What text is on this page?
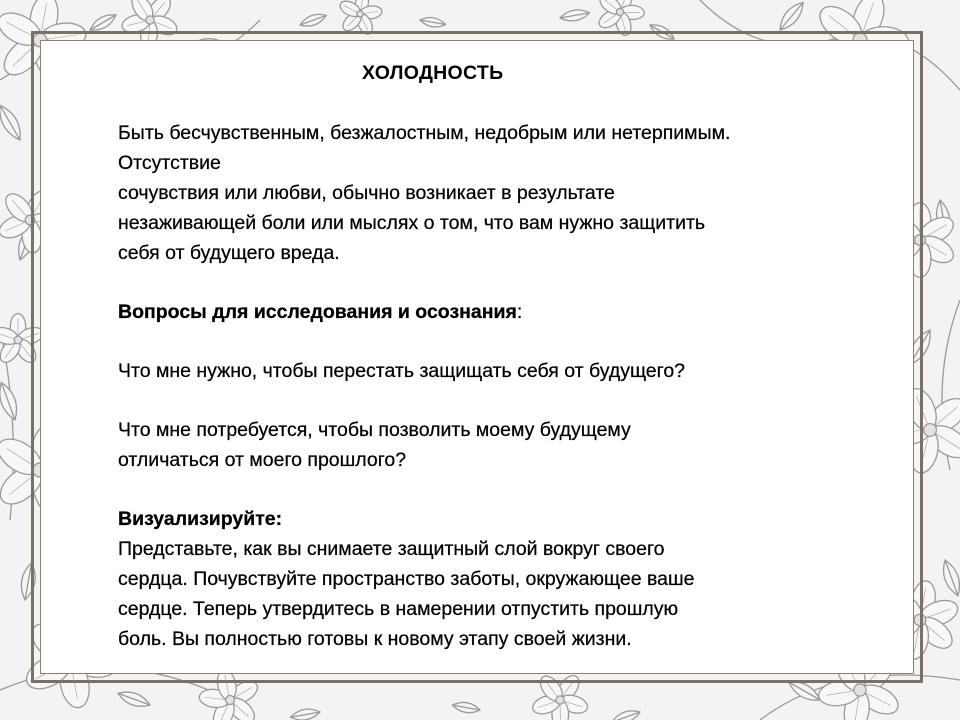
ХОЛОДНОСТЬ

Быть бесчувственным, безжалостным, недобрым или нетерпимым.
Отсутствие
сочувствия или любви, обычно возникает в результате
незаживающей боли или мыслях о том, что вам нужно защитить
себя от будущего вреда.

Вопросы для исследования и осознания:

Что мне нужно, чтобы перестать защищать себя от будущего?

Что мне потребуется, чтобы позволить моему будущему
отличаться от моего прошлого?

Визуализируйте:
Представьте, как вы снимаете защитный слой вокруг своего
сердца. Почувствуйте пространство заботы, окружающее ваше
сердце. Теперь утвердитесь в намерении отпустить прошлую
боль. Вы полностью готовы к новому этапу своей жизни.
